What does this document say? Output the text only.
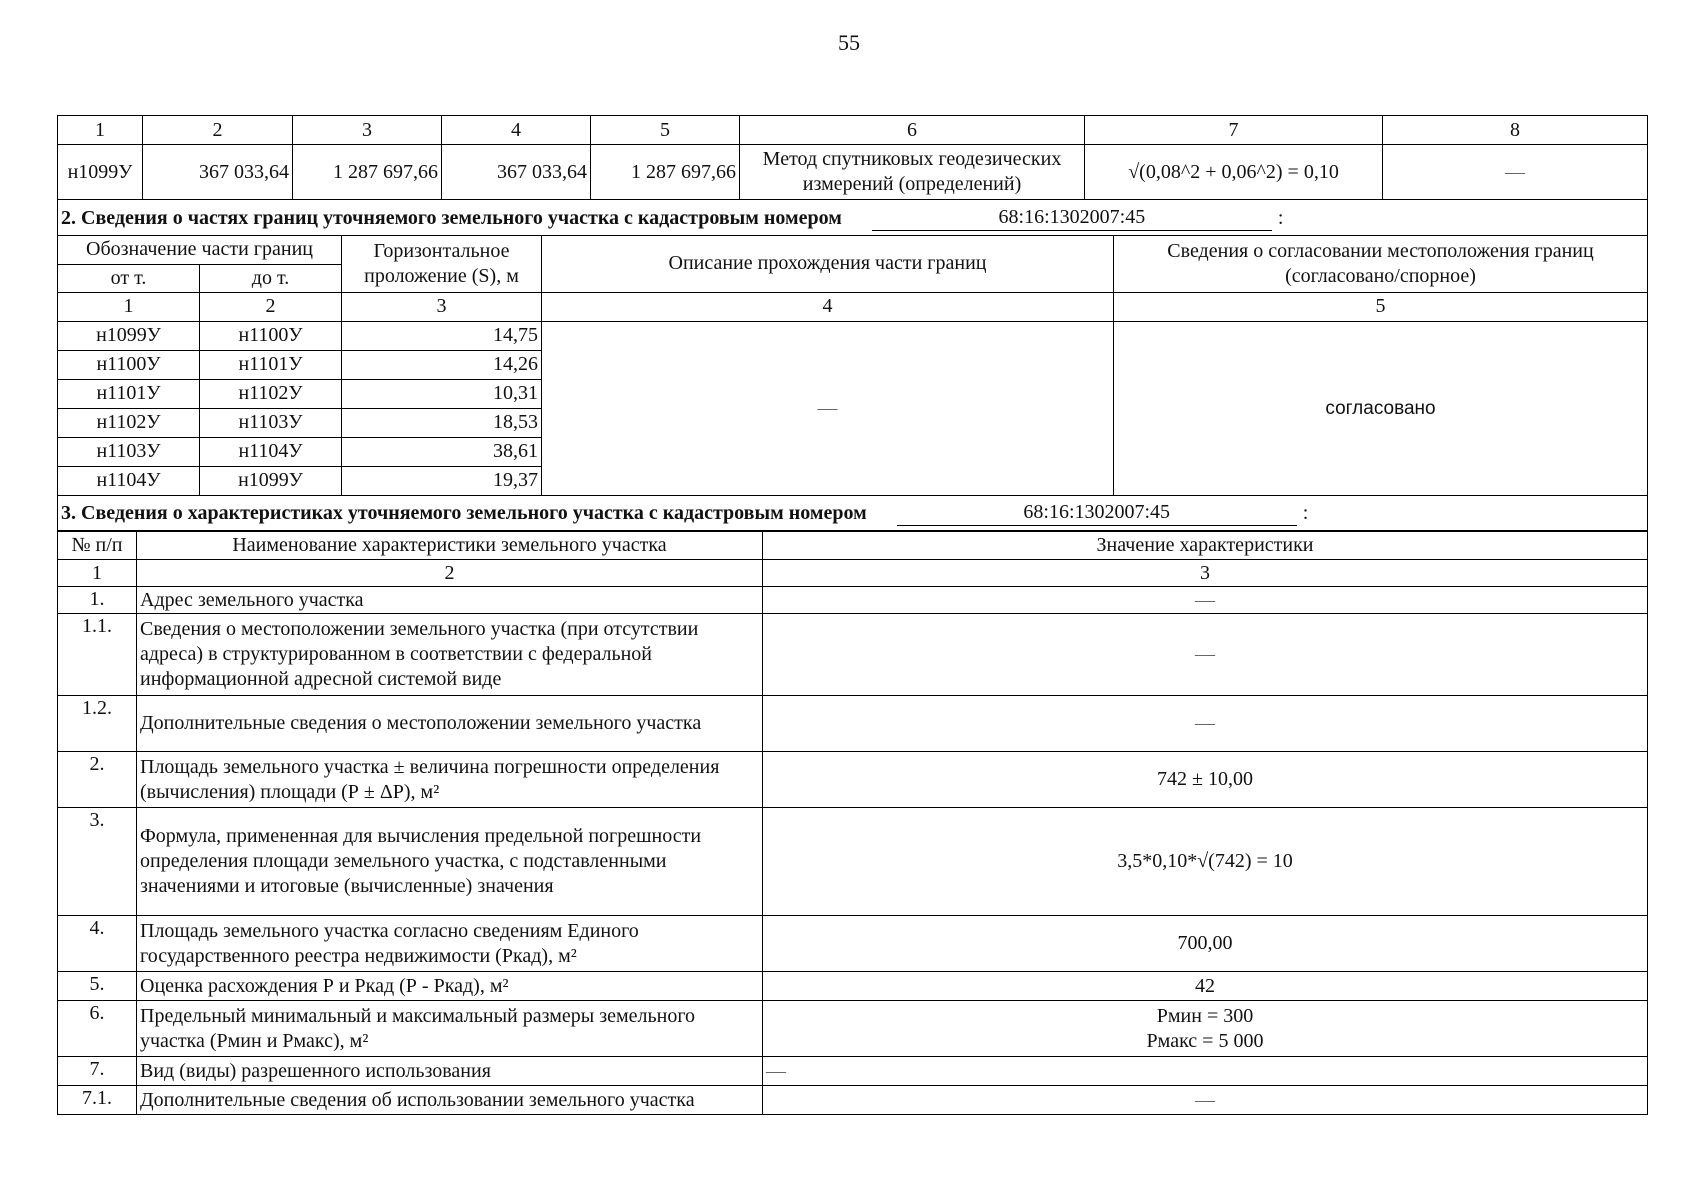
55
1	2	3	4	5	6	7	8
н1099У	367 033,64	1 287 697,66	367 033,64	1 287 697,66	Метод спутниковых геодезических измерений (определений)	√(0,08^2 + 0,06^2) = 0,10	—

2. Сведения о частях границ уточняемого земельного участка с кадастровым номером 68:16:1302007:45 :							
Обозначение части границ		Горизонтальное проложение (S), м	Описание прохождения части границ	Сведения о согласовании местоположения границ (согласовано/спорное)
от т.	до т.			
1	2	3	4	5
н1099У	н1100У	14,75	—	согласовано
н1100У	н1101У	14,26		
н1101У	н1102У	10,31		
н1102У	н1103У	18,53		
н1103У	н1104У	38,61		
н1104У	н1099У	19,37		

3. Сведения о характеристиках уточняемого земельного участка с кадастровым номером 68:16:1302007:45 :				
№ п/п	Наименование характеристики земельного участка	Значение характеристики
1	2	3
1.	Адрес земельного участка	—
1.1.	Сведения о местоположении земельного участка (при отсутствии адреса) в структурированном в соответствии с федеральной информационной адресной системой виде	—
1.2.	Дополнительные сведения о местоположении земельного участка	—
2.	Площадь земельного участка ± величина погрешности определения (вычисления) площади (Р ± ΔР), м²	742 ± 10,00
3.	Формула, примененная для вычисления предельной погрешности определения площади земельного участка, с подставленными значениями и итоговые (вычисленные) значения	3,5*0,10*√(742) = 10
4.	Площадь земельного участка согласно сведениям Единого государственного реестра недвижимости (Ркад), м²	700,00
5.	Оценка расхождения Р и Ркад (Р - Ркад), м²	42
6.	Предельный минимальный и максимальный размеры земельного участка (Рмин и Рмакс), м²	Рмин = 300
Рмакс = 5 000

7.	Вид (виды) разрешенного использования	—
7.1.	Дополнительные сведения об использовании земельного участка	—
